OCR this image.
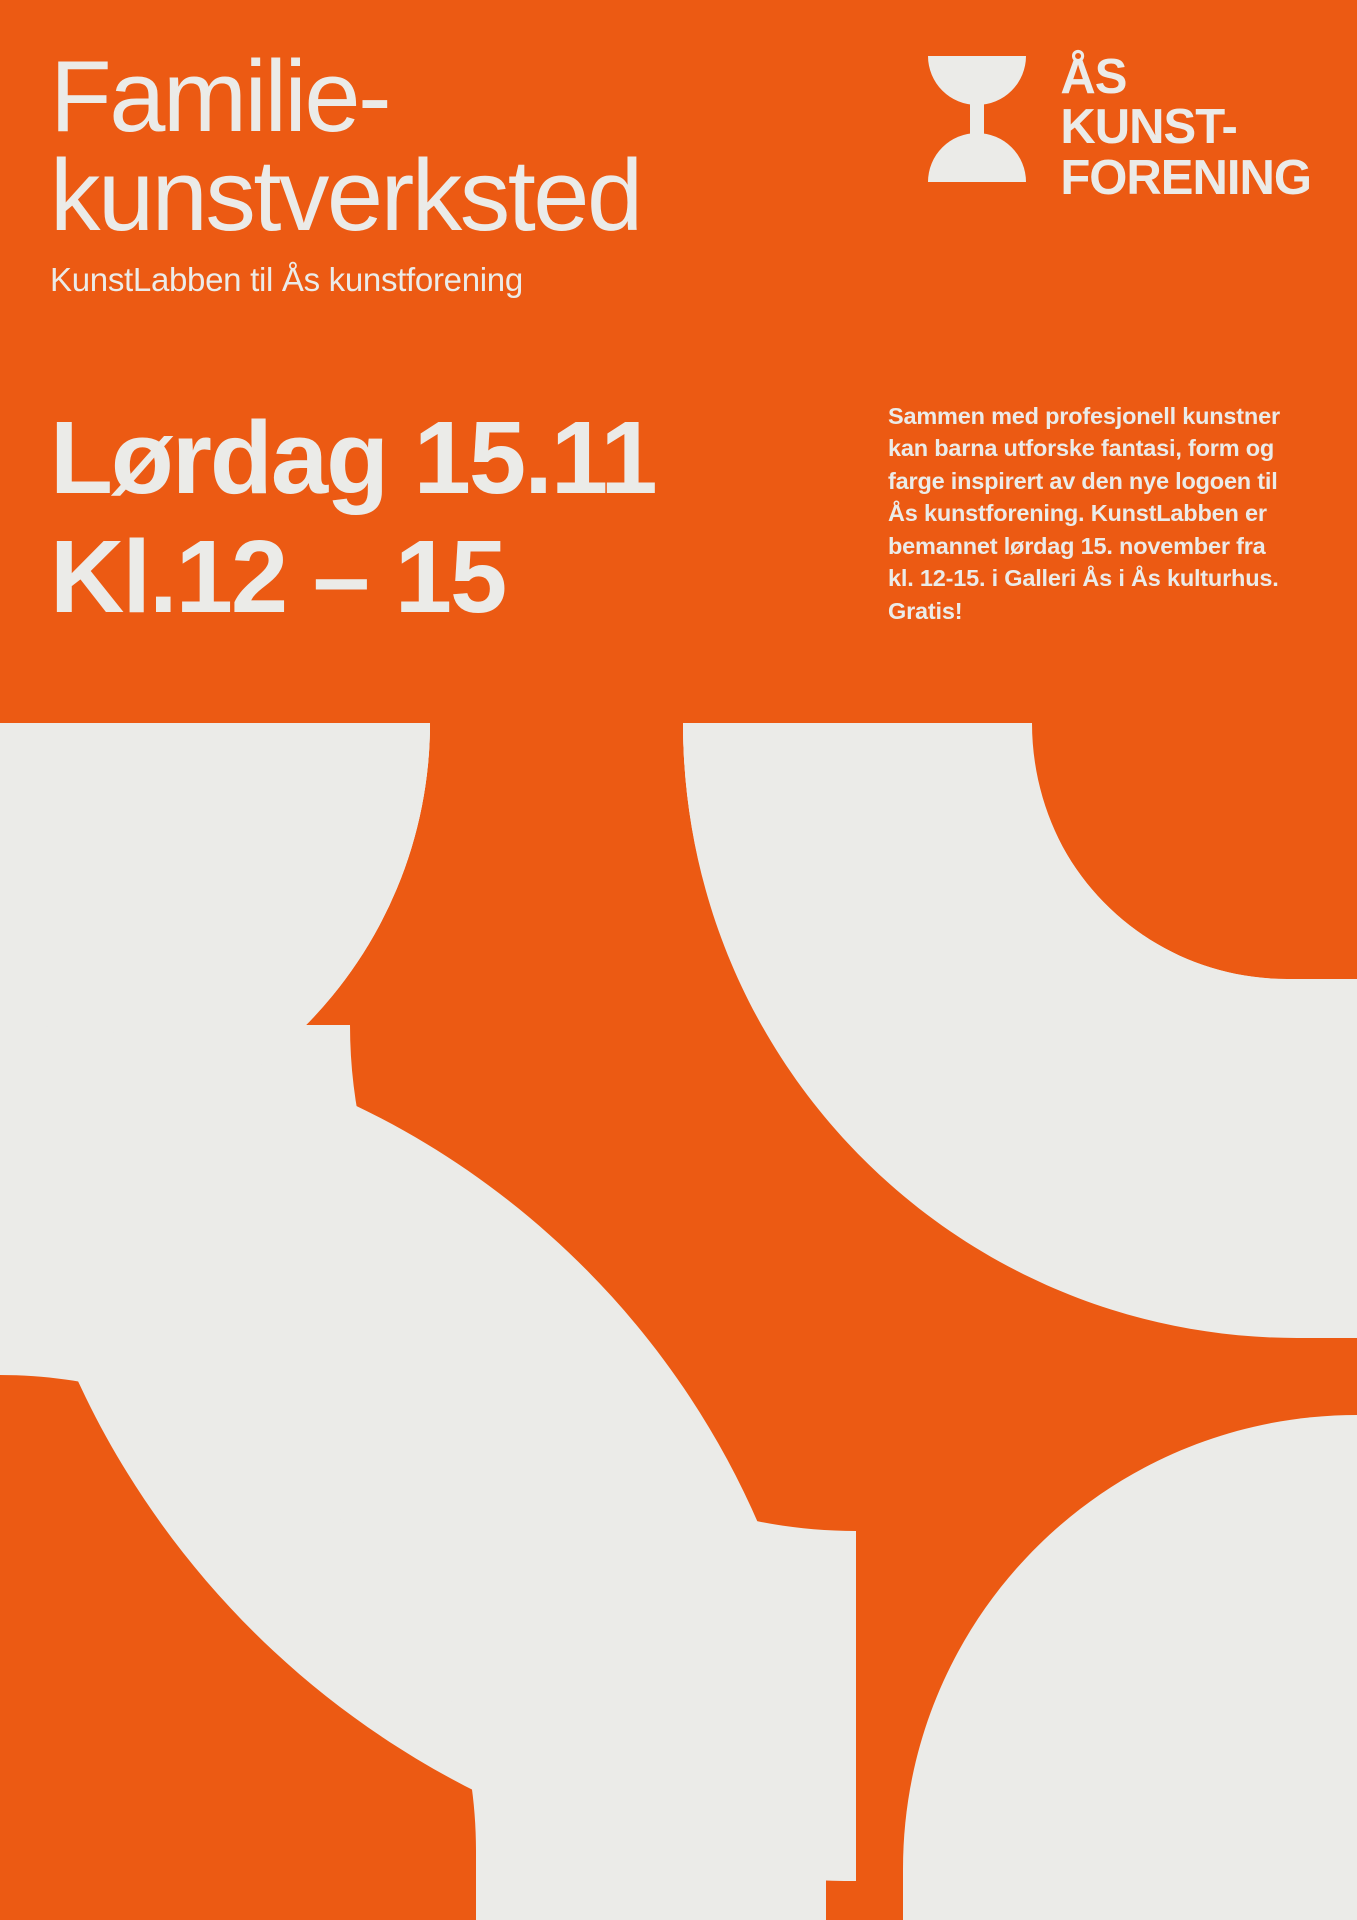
ÅS
KUNST-
FORENING
Familie-
kunstverksted
KunstLabben til Ås kunstforening
Lørdag 15.11
Kl.12 – 15

Sammen med profesjonell kunstner kan barna utforske fantasi, form og farge inspirert av den nye logoen til Ås kunstforening. KunstLabben er bemannet lørdag 15. november fra kl. 12-15. i Galleri Ås i Ås kulturhus.

Gratis!
